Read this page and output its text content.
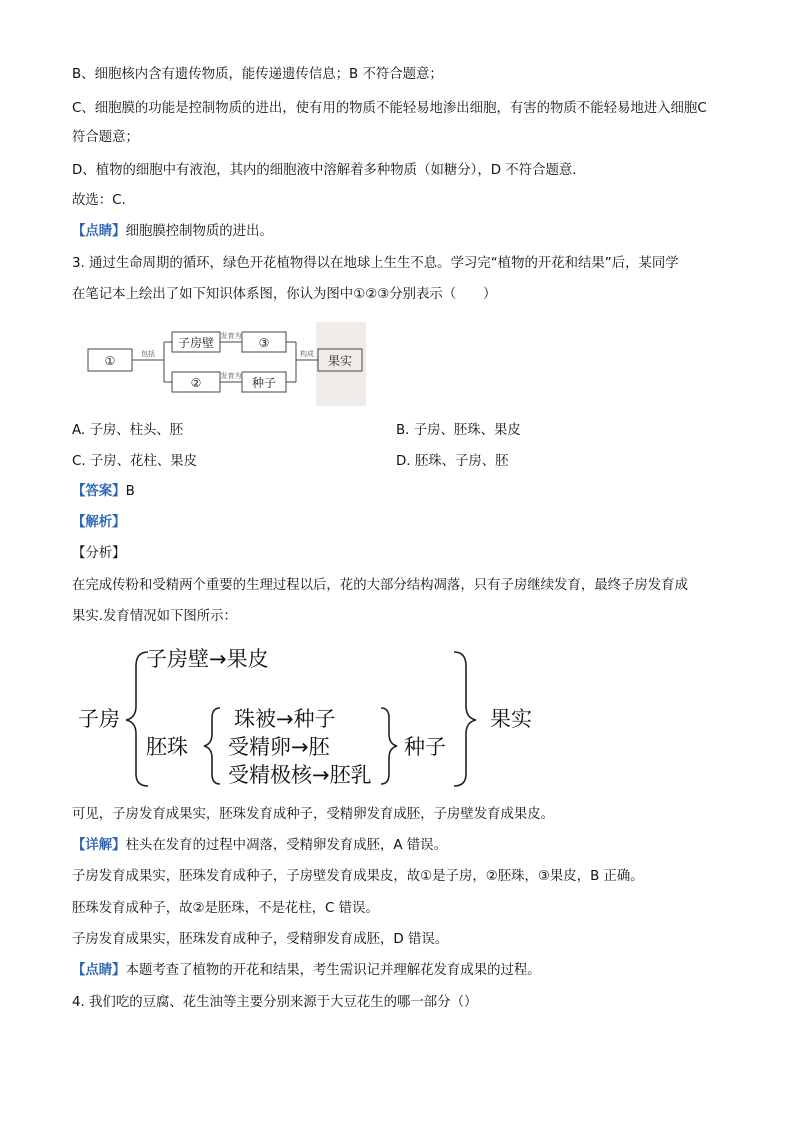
B、细胞核内含有遗传物质，能传递遗传信息；B 不符合题意；
C、细胞膜的功能是控制物质的进出，使有用的物质不能轻易地渗出细胞，有害的物质不能轻易地进入细胞C
符合题意；
D、植物的细胞中有液泡，其内的细胞液中溶解着多种物质（如糖分），D 不符合题意．
故选：C.
【点睛】细胞膜控制物质的进出。
3. 通过生命周期的循环，绿色开花植物得以在地球上生生不息。学习完“植物的开花和结果”后，某同学
在笔记本上绘出了如下知识体系图，你认为图中①②③分别表示（　　）
①
子房壁	③
②	种子
果实
包括
发育为
发育为
构成
A. 子房、柱头、胚	B. 子房、胚珠、果皮
C. 子房、花柱、果皮	D. 胚珠、子房、胚
【答案】B
【解析】
【分析】
在完成传粉和受精两个重要的生理过程以后，花的大部分结构凋落，只有子房继续发育，最终子房发育成
果实.发育情况如下图所示：
子房
子房壁→果皮
胚珠
珠被→种子
受精卵→胚
受精极核→胚乳
种子
果实
可见，子房发育成果实，胚珠发育成种子，受精卵发育成胚，子房壁发育成果皮。
【详解】柱头在发育的过程中凋落，受精卵发育成胚，A 错误。
子房发育成果实，胚珠发育成种子，子房壁发育成果皮，故①是子房，②胚珠，③果皮，B 正确。
胚珠发育成种子，故②是胚珠，不是花柱，C 错误。
子房发育成果实，胚珠发育成种子，受精卵发育成胚，D 错误。
【点睛】本题考查了植物的开花和结果，考生需识记并理解花发育成果的过程。
4. 我们吃的豆腐、花生油等主要分别来源于大豆花生的哪一部分（）
